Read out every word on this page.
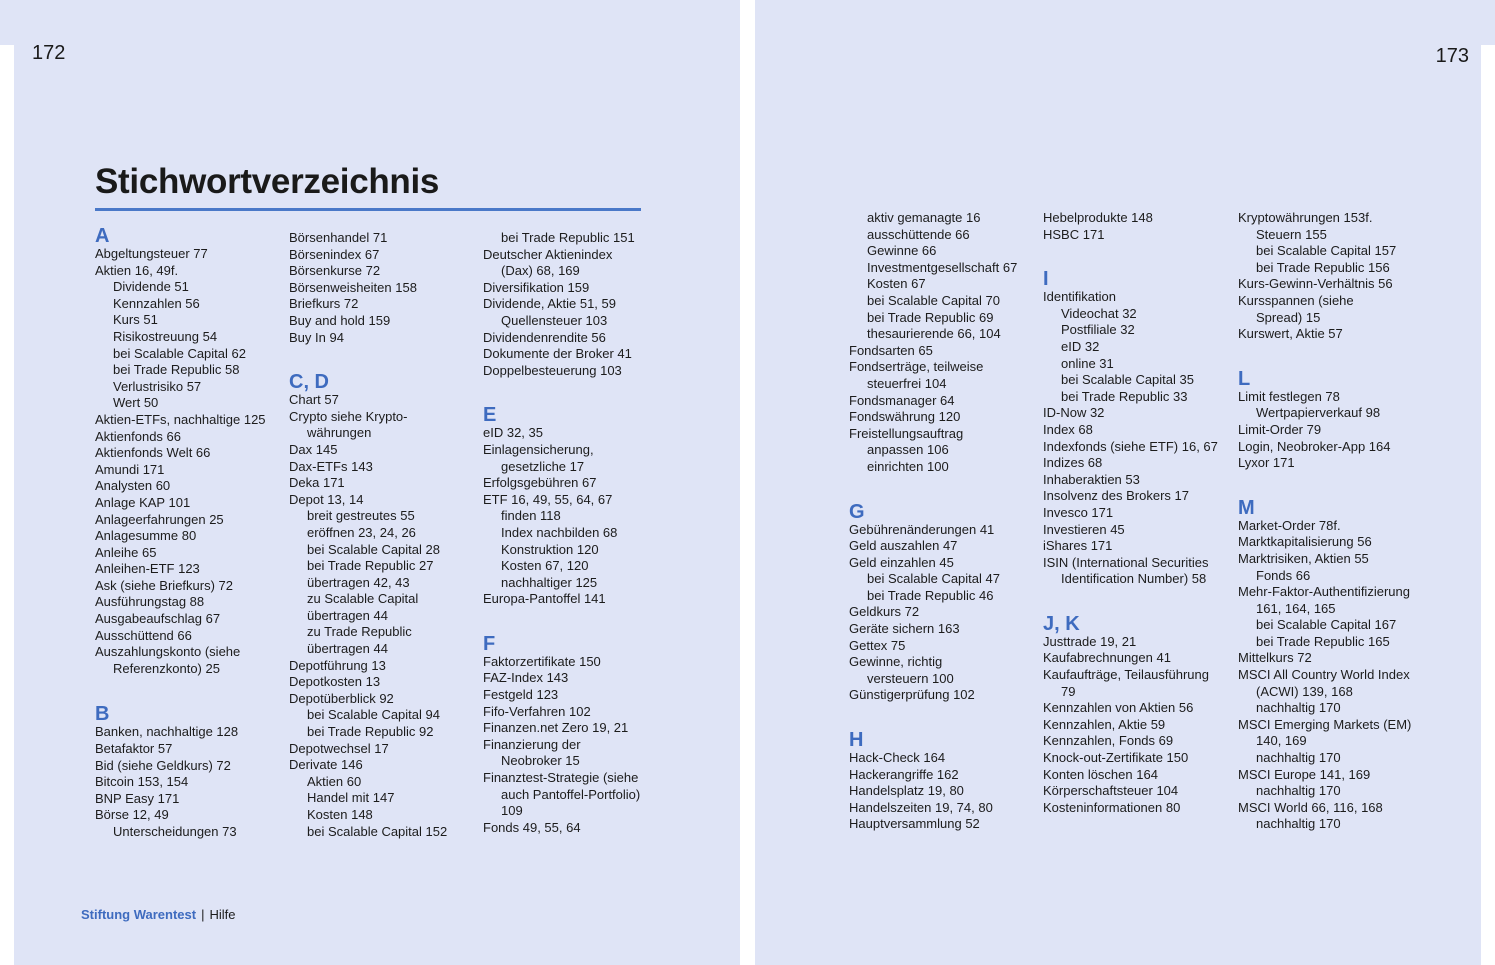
172
Stichwortverzeichnis
A
Abgeltungsteuer 77
Aktien 16, 49f.
Dividende 51
Kennzahlen 56
Kurs 51
Risikostreuung 54
bei Scalable Capital 62
bei Trade Republic 58
Verlustrisiko 57
Wert 50
Aktien-ETFs, nachhaltige 125
Aktienfonds 66
Aktienfonds Welt 66
Amundi 171
Analysten 60
Anlage KAP 101
Anlageerfahrungen 25
Anlagesumme 80
Anleihe 65
Anleihen-ETF 123
Ask (siehe Briefkurs) 72
Ausführungstag 88
Ausgabeaufschlag 67
Ausschüttend 66
Auszahlungskonto (siehe Referenzkonto) 25
B
Banken, nachhaltige 128
Betafaktor 57
Bid (siehe Geldkurs) 72
Bitcoin 153, 154
BNP Easy 171
Börse 12, 49
Unterscheidungen 73
Börsenhandel 71
Börsenindex 67
Börsenkurse 72
Börsenweisheiten 158
Briefkurs 72
Buy and hold 159
Buy In 94
C, D
Chart 57
Crypto siehe Kryptowährungen
Dax 145
Dax-ETFs 143
Deka 171
Depot 13, 14
breit gestreutes 55
eröffnen 23, 24, 26
bei Scalable Capital 28
bei Trade Republic 27
übertragen 42, 43
zu Scalable Capital
übertragen 44
zu Trade Republic
übertragen 44
Depotführung 13
Depotkosten 13
Depotüberblick 92
bei Scalable Capital 94
bei Trade Republic 92
Depotwechsel 17
Derivate 146
Aktien 60
Handel mit 147
Kosten 148
bei Scalable Capital 152
bei Trade Republic 151
Deutscher Aktienindex (Dax) 68, 169
Diversifikation 159
Dividende, Aktie 51, 59
Quellensteuer 103
Dividendenrendite 56
Dokumente der Broker 41
Doppelbesteuerung 103
E
eID 32, 35
Einlagensicherung, gesetzliche 17
Erfolgsgebühren 67
ETF 16, 49, 55, 64, 67
finden 118
Index nachbilden 68
Konstruktion 120
Kosten 67, 120
nachhaltiger 125
Europa-Pantoffel 141
F
Faktorzertifikate 150
FAZ-Index 143
Festgeld 123
Fifo-Verfahren 102
Finanzen.net Zero 19, 21
Finanzierung der Neobroker 15
Finanztest-Strategie (siehe auch Pantoffel-Portfolio) 109
Fonds 49, 55, 64
Stiftung Warentest | Hilfe
173
aktiv gemanagte 16
ausschüttende 66
Gewinne 66
Investmentgesellschaft 67
Kosten 67
bei Scalable Capital 70
bei Trade Republic 69
thesaurierende 66, 104
Fondsarten 65
Fondserträge, teilweise steuerfrei 104
Fondsmanager 64
Fondswährung 120
Freistellungsauftrag
anpassen 106
einrichten 100
G
Gebührenänderungen 41
Geld auszahlen 47
Geld einzahlen 45
bei Scalable Capital 47
bei Trade Republic 46
Geldkurs 72
Geräte sichern 163
Gettex 75
Gewinne, richtig versteuern 100
Günstigerprüfung 102
H
Hack-Check 164
Hackerangriffe 162
Handelsplatz 19, 80
Handelszeiten 19, 74, 80
Hauptversammlung 52
Hebelprodukte 148
HSBC 171
I
Identifikation
Videochat 32
Postfiliale 32
eID 32
online 31
bei Scalable Capital 35
bei Trade Republic 33
ID-Now 32
Index 68
Indexfonds (siehe ETF) 16, 67
Indizes 68
Inhaberaktien 53
Insolvenz des Brokers 17
Invesco 171
Investieren 45
iShares 171
ISIN (International Securities Identification Number) 58
J, K
Justtrade 19, 21
Kaufabrechnungen 41
Kaufaufträge, Teilausführung 79
Kennzahlen von Aktien 56
Kennzahlen, Aktie 59
Kennzahlen, Fonds 69
Knock-out-Zertifikate 150
Konten löschen 164
Körperschaftsteuer 104
Kosteninformationen 80
Kryptowährungen 153f.
Steuern 155
bei Scalable Capital 157
bei Trade Republic 156
Kurs-Gewinn-Verhältnis 56
Kursspannen (siehe Spread) 15
Kurswert, Aktie 57
L
Limit festlegen 78
Wertpapierverkauf 98
Limit-Order 79
Login, Neobroker-App 164
Lyxor 171
M
Market-Order 78f.
Marktkapitalisierung 56
Marktrisiken, Aktien 55
Fonds 66
Mehr-Faktor-Authentifizierung 161, 164, 165
bei Scalable Capital 167
bei Trade Republic 165
Mittelkurs 72
MSCI All Country World Index (ACWI) 139, 168
nachhaltig 170
MSCI Emerging Markets (EM) 140, 169
nachhaltig 170
MSCI Europe 141, 169
nachhaltig 170
MSCI World 66, 116, 168
nachhaltig 170
